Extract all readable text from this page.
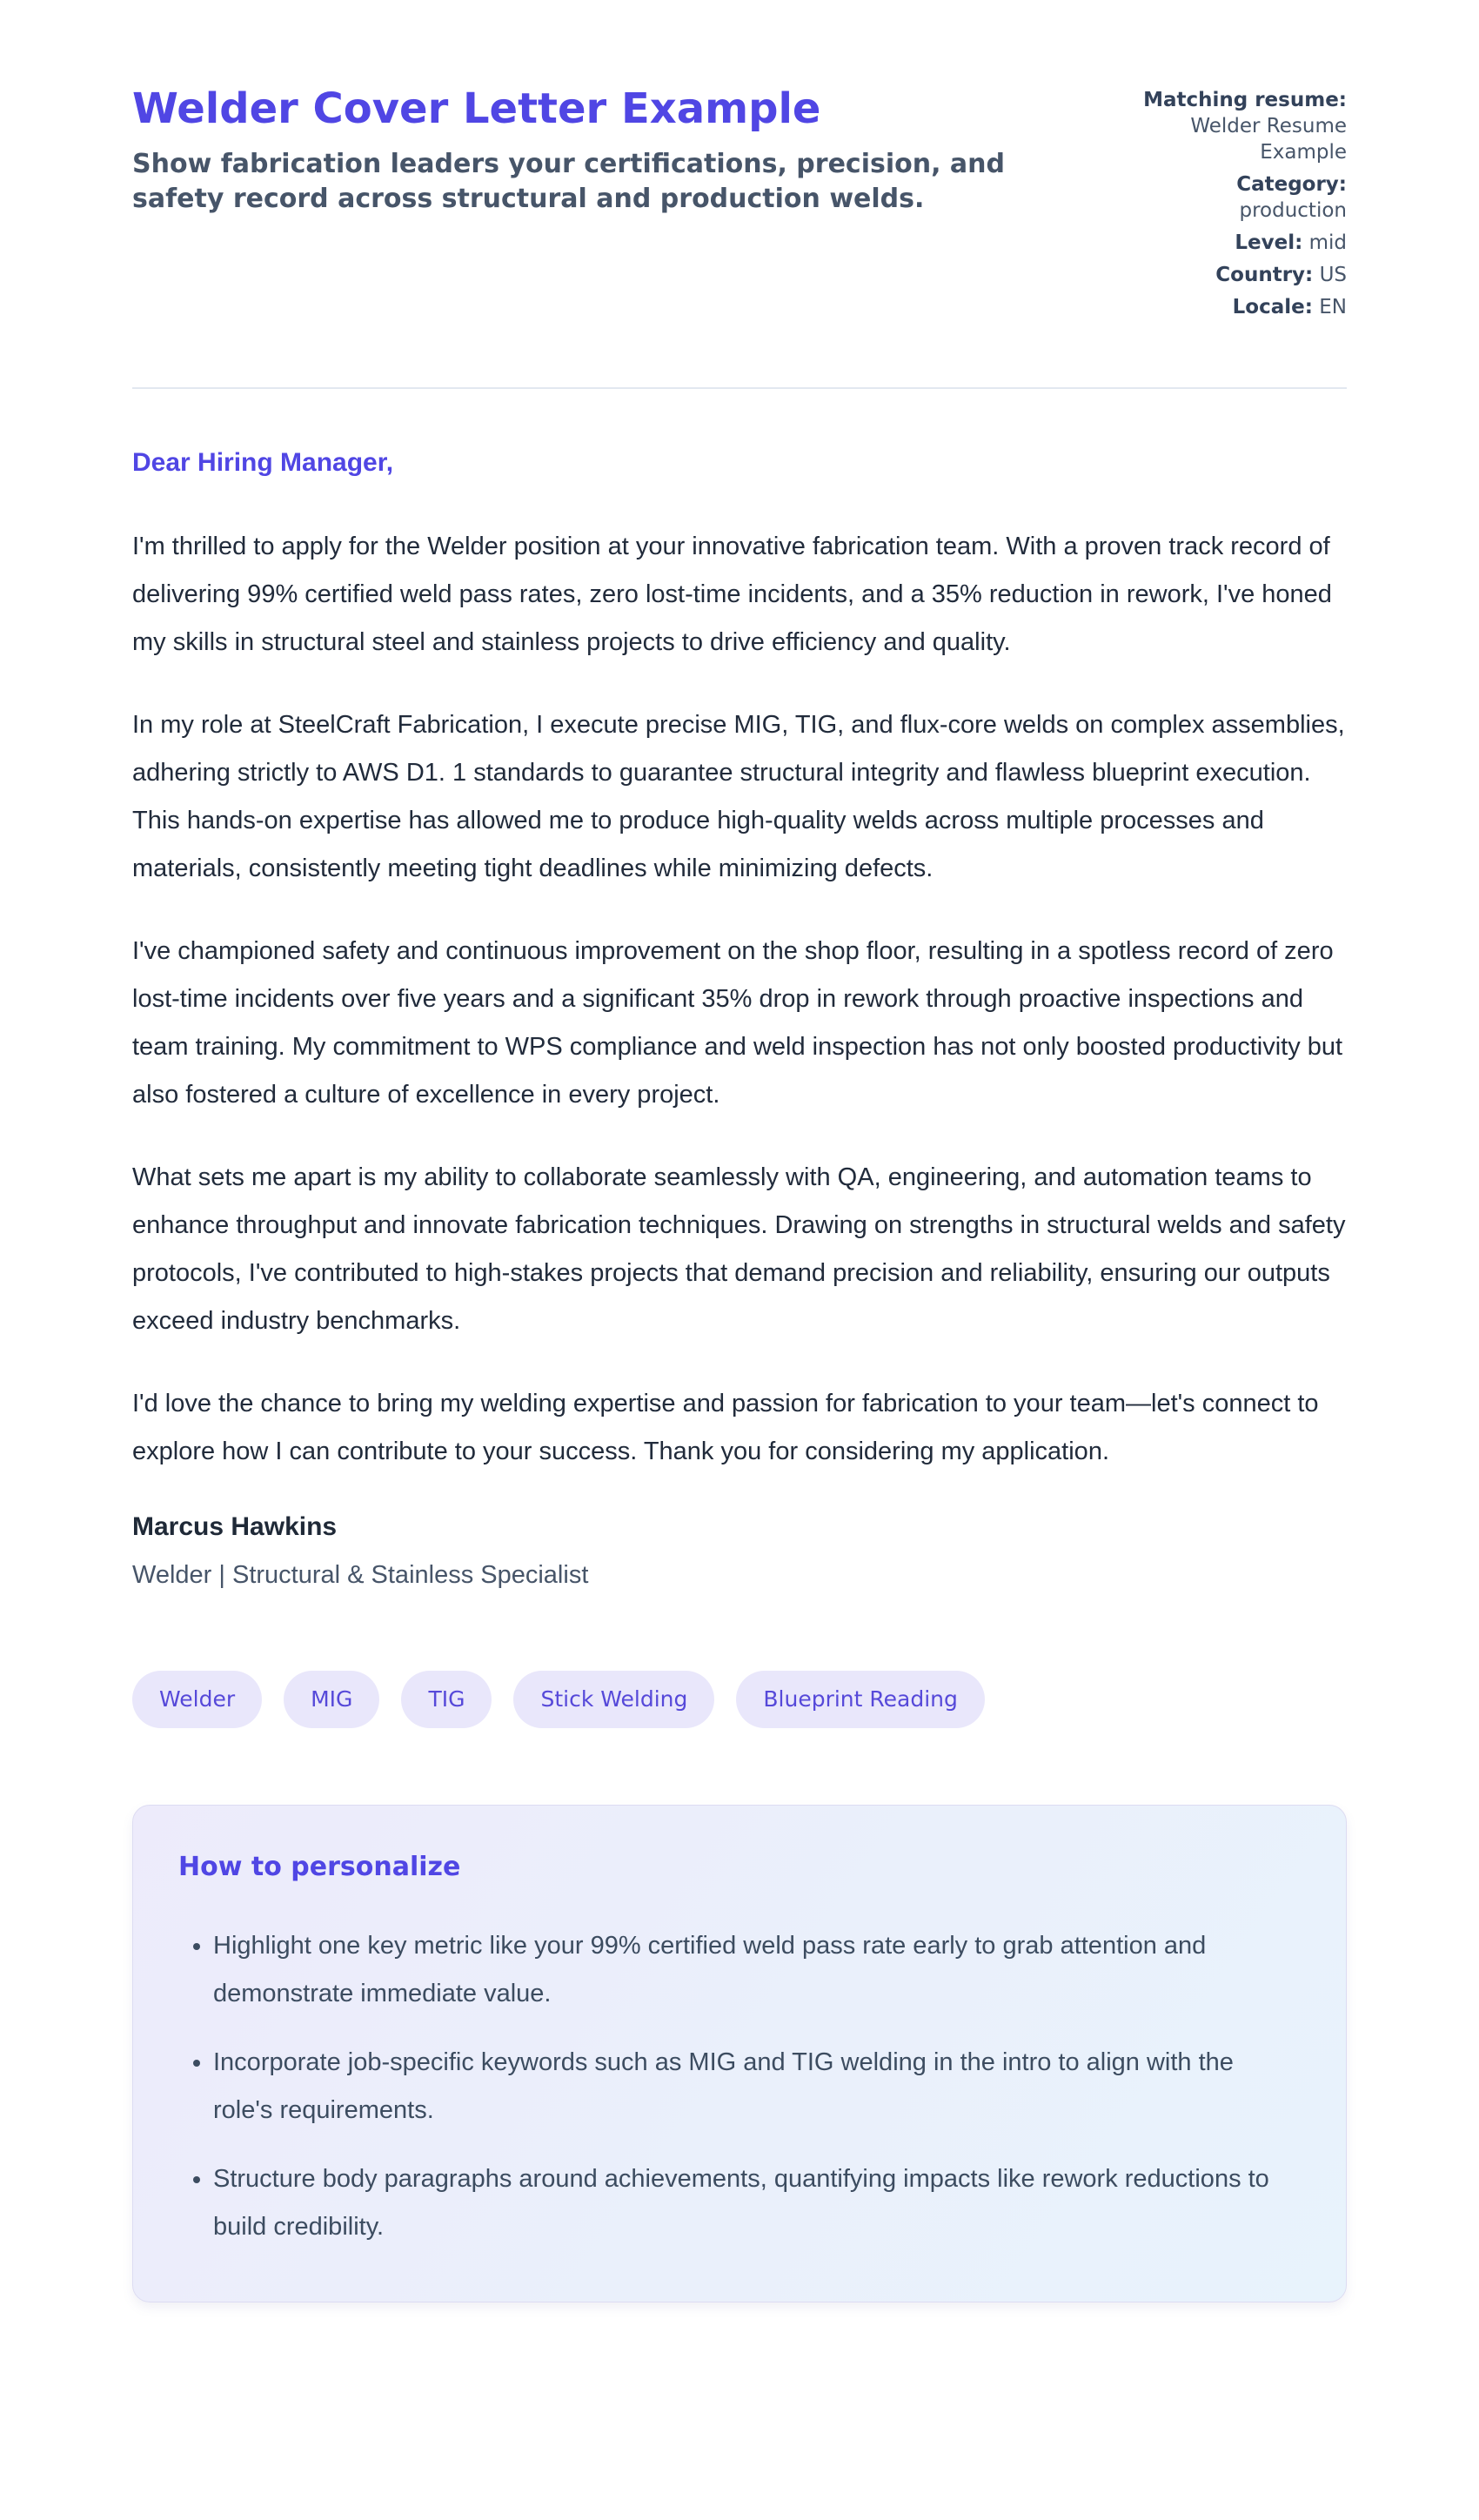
Welder Cover Letter Example

Show fabrication leaders your certifications, precision, and safety record across structural and production welds.

Matching resume: Welder Resume Example
Category: production
Level: mid
Country: US
Locale: EN

Dear Hiring Manager,

I'm thrilled to apply for the Welder position at your innovative fabrication team. With a proven track record of delivering 99% certified weld pass rates, zero lost-time incidents, and a 35% reduction in rework, I've honed my skills in structural steel and stainless projects to drive efficiency and quality.

In my role at SteelCraft Fabrication, I execute precise MIG, TIG, and flux-core welds on complex assemblies, adhering strictly to AWS D1. 1 standards to guarantee structural integrity and flawless blueprint execution. This hands-on expertise has allowed me to produce high-quality welds across multiple processes and materials, consistently meeting tight deadlines while minimizing defects.

I've championed safety and continuous improvement on the shop floor, resulting in a spotless record of zero lost-time incidents over five years and a significant 35% drop in rework through proactive inspections and team training. My commitment to WPS compliance and weld inspection has not only boosted productivity but also fostered a culture of excellence in every project.

What sets me apart is my ability to collaborate seamlessly with QA, engineering, and automation teams to enhance throughput and innovate fabrication techniques. Drawing on strengths in structural welds and safety protocols, I've contributed to high-stakes projects that demand precision and reliability, ensuring our outputs exceed industry benchmarks.

I'd love the chance to bring my welding expertise and passion for fabrication to your team—let's connect to explore how I can contribute to your success. Thank you for considering my application.

Marcus Hawkins

Welder | Structural & Stainless Specialist

Welder	MIG	TIG	Stick Welding	Blueprint Reading
How to personalize
• Highlight one key metric like your 99% certified weld pass rate early to grab attention and demonstrate immediate value.
• Incorporate job-specific keywords such as MIG and TIG welding in the intro to align with the role's requirements.
• Structure body paragraphs around achievements, quantifying impacts like rework reductions to build credibility.
